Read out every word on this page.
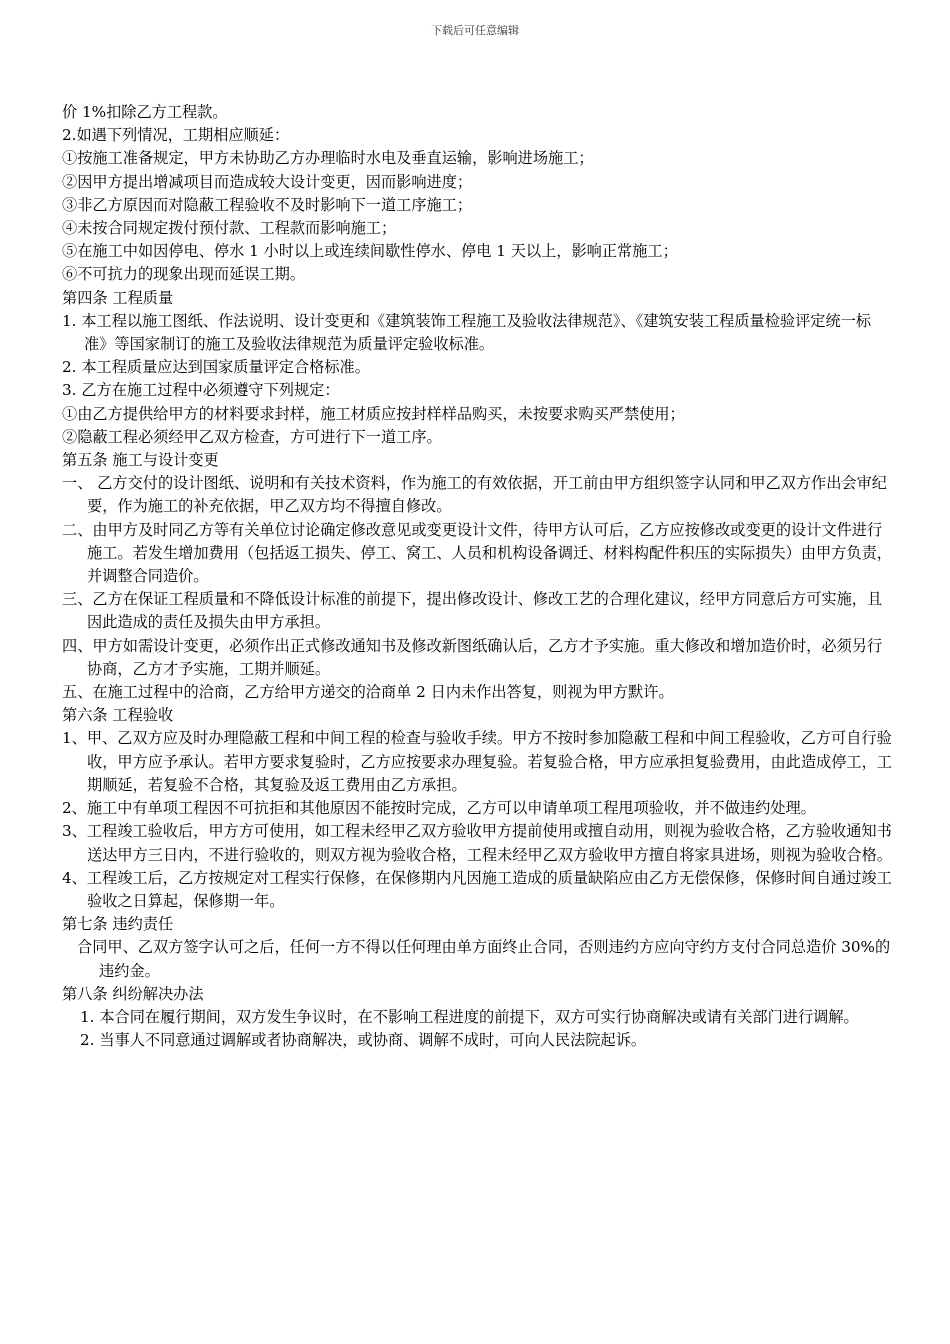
下载后可任意编辑

价 1%扣除乙方工程款。

2.如遇下列情况，工期相应顺延：

①按施工准备规定，甲方未协助乙方办理临时水电及垂直运输，影响进场施工；

②因甲方提出增减项目而造成较大设计变更，因而影响进度；

③非乙方原因而对隐蔽工程验收不及时影响下一道工序施工；

④未按合同规定拨付预付款、工程款而影响施工；

⑤在施工中如因停电、停水 1 小时以上或连续间歇性停水、停电 1 天以上，影响正常施工；

⑥不可抗力的现象出现而延误工期。

第四条 工程质量

1. 本工程以施工图纸、作法说明、设计变更和《建筑装饰工程施工及验收法律规范》、《建筑安装工程质量检验评定统一标准》等国家制订的施工及验收法律规范为质量评定验收标准。

2. 本工程质量应达到国家质量评定合格标准。

3. 乙方在施工过程中必须遵守下列规定：

①由乙方提供给甲方的材料要求封样，施工材质应按封样样品购买，未按要求购买严禁使用；

②隐蔽工程必须经甲乙双方检查，方可进行下一道工序。

第五条 施工与设计变更

一、 乙方交付的设计图纸、说明和有关技术资料，作为施工的有效依据，开工前由甲方组织签字认同和甲乙双方作出会审纪要，作为施工的补充依据，甲乙双方均不得擅自修改。

二、由甲方及时同乙方等有关单位讨论确定修改意见或变更设计文件，待甲方认可后，乙方应按修改或变更的设计文件进行施工。若发生增加费用（包括返工损失、停工、窝工、人员和机构设备调迁、材料构配件积压的实际损失）由甲方负责，并调整合同造价。

三、乙方在保证工程质量和不降低设计标准的前提下，提出修改设计、修改工艺的合理化建议，经甲方同意后方可实施，且因此造成的责任及损失由甲方承担。

四、甲方如需设计变更，必须作出正式修改通知书及修改新图纸确认后，乙方才予实施。重大修改和增加造价时，必须另行协商，乙方才予实施，工期并顺延。

五、在施工过程中的洽商，乙方给甲方递交的洽商单 2 日内未作出答复，则视为甲方默许。

第六条 工程验收

1、甲、乙双方应及时办理隐蔽工程和中间工程的检查与验收手续。甲方不按时参加隐蔽工程和中间工程验收，乙方可自行验收，甲方应予承认。若甲方要求复验时，乙方应按要求办理复验。若复验合格，甲方应承担复验费用，由此造成停工，工期顺延，若复验不合格，其复验及返工费用由乙方承担。

2、施工中有单项工程因不可抗拒和其他原因不能按时完成，乙方可以申请单项工程甩项验收，并不做违约处理。

3、工程竣工验收后，甲方方可使用，如工程未经甲乙双方验收甲方提前使用或擅自动用，则视为验收合格，乙方验收通知书送达甲方三日内，不进行验收的，则双方视为验收合格，工程未经甲乙双方验收甲方擅自将家具进场，则视为验收合格。

4、工程竣工后，乙方按规定对工程实行保修，在保修期内凡因施工造成的质量缺陷应由乙方无偿保修，保修时间自通过竣工验收之日算起，保修期一年。

第七条 违约责任

合同甲、乙双方签字认可之后，任何一方不得以任何理由单方面终止合同，否则违约方应向守约方支付合同总造价 30%的违约金。

第八条 纠纷解决办法

1. 本合同在履行期间，双方发生争议时，在不影响工程进度的前提下，双方可实行协商解决或请有关部门进行调解。

2. 当事人不同意通过调解或者协商解决，或协商、调解不成时，可向人民法院起诉。
